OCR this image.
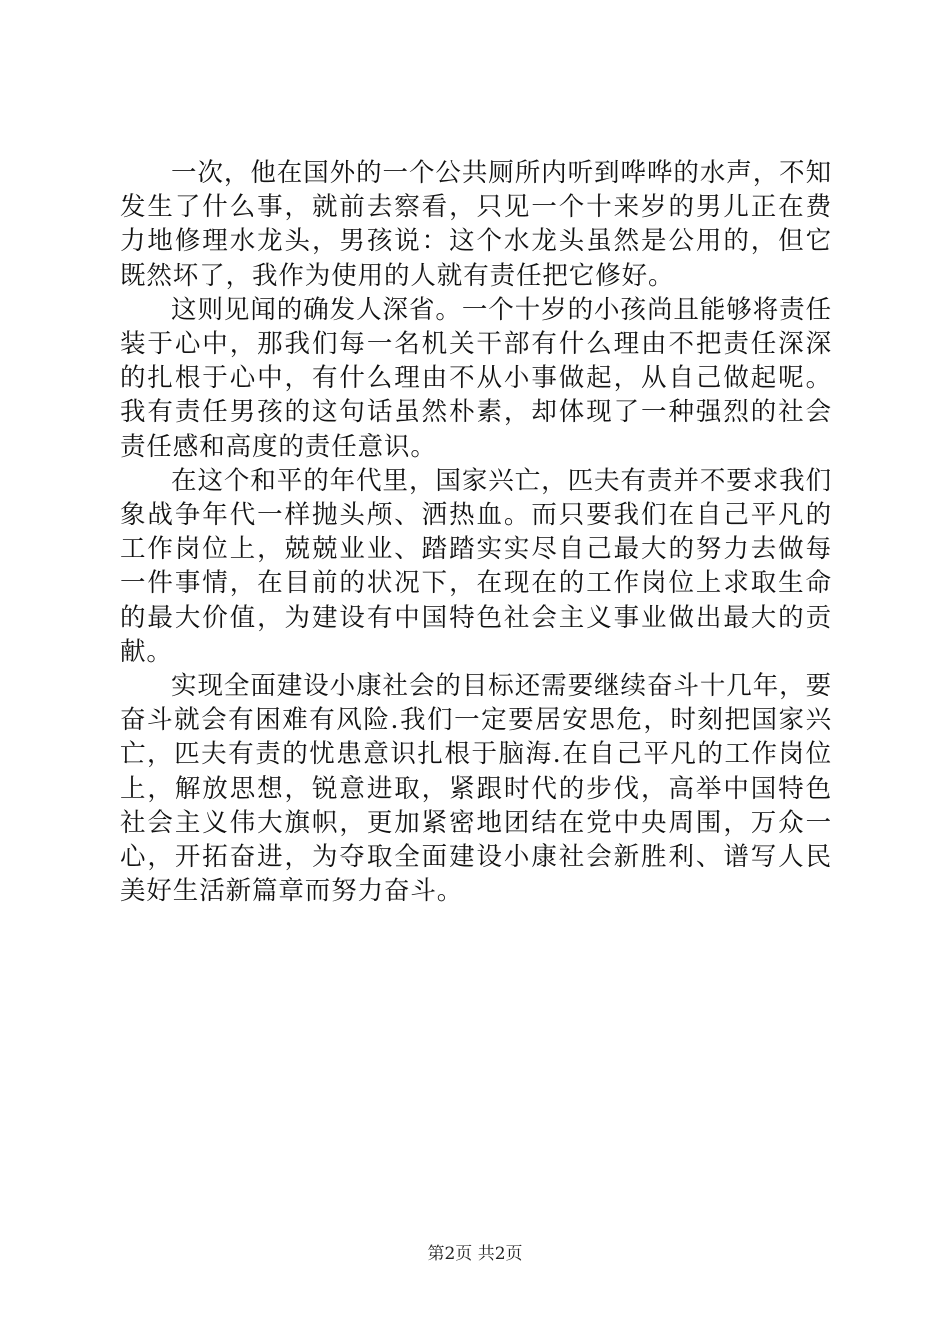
一次，他在国外的一个公共厕所内听到哗哗的水声，不知发生了什么事，就前去察看，只见一个十来岁的男儿正在费力地修理水龙头，男孩说：这个水龙头虽然是公用的，但它既然坏了，我作为使用的人就有责任把它修好。

这则见闻的确发人深省。一个十岁的小孩尚且能够将责任装于心中，那我们每一名机关干部有什么理由不把责任深深的扎根于心中，有什么理由不从小事做起，从自己做起呢。我有责任男孩的这句话虽然朴素，却体现了一种强烈的社会责任感和高度的责任意识。

在这个和平的年代里，国家兴亡，匹夫有责并不要求我们象战争年代一样抛头颅、洒热血。而只要我们在自己平凡的工作岗位上，兢兢业业、踏踏实实尽自己最大的努力去做每一件事情，在目前的状况下，在现在的工作岗位上求取生命的最大价值，为建设有中国特色社会主义事业做出最大的贡献。

实现全面建设小康社会的目标还需要继续奋斗十几年，要奋斗就会有困难有风险.我们一定要居安思危，时刻把国家兴亡，匹夫有责的忧患意识扎根于脑海.在自己平凡的工作岗位上，解放思想，锐意进取，紧跟时代的步伐，高举中国特色社会主义伟大旗帜，更加紧密地团结在党中央周围，万众一心，开拓奋进，为夺取全面建设小康社会新胜利、谱写人民美好生活新篇章而努力奋斗。

第2页 共2页
